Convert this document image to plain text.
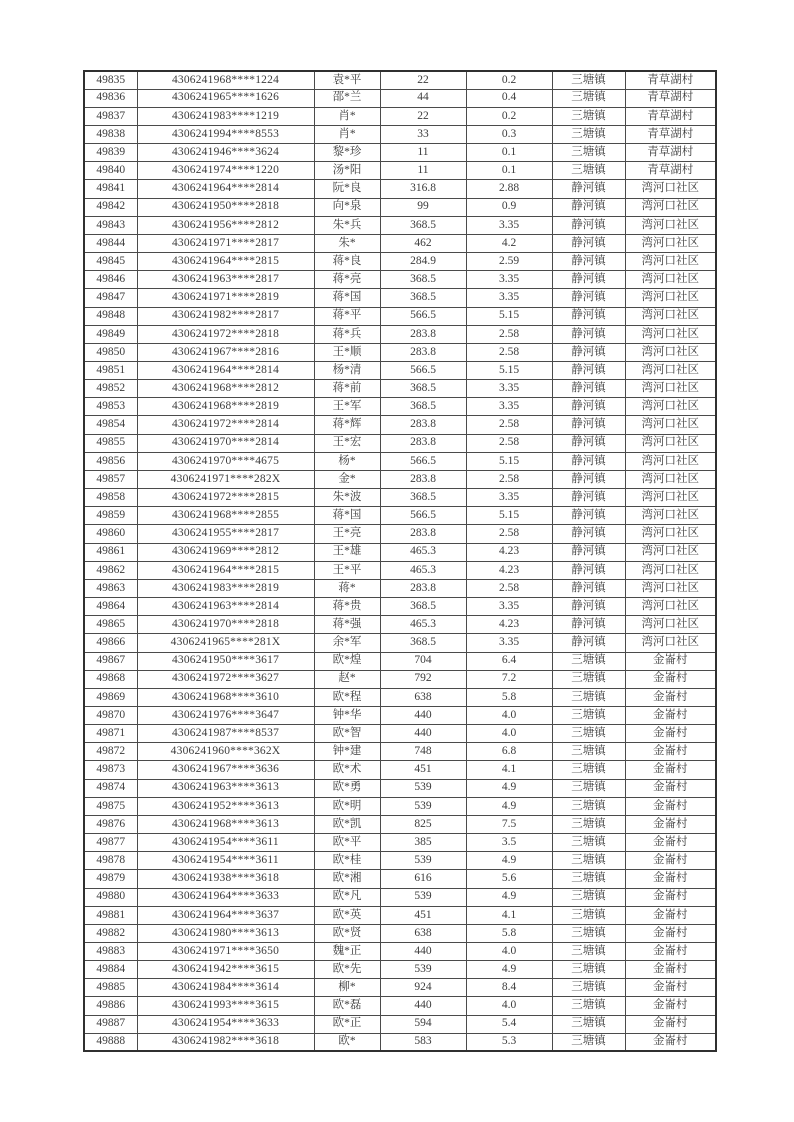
49835	4306241968****1224	袁*平	22	0.2	三塘镇	青草湖村
49836	4306241965****1626	邵*兰	44	0.4	三塘镇	青草湖村
49837	4306241983****1219	肖*	22	0.2	三塘镇	青草湖村
49838	4306241994****8553	肖*	33	0.3	三塘镇	青草湖村
49839	4306241946****3624	黎*珍	11	0.1	三塘镇	青草湖村
49840	4306241974****1220	汤*阳	11	0.1	三塘镇	青草湖村
49841	4306241964****2814	阮*良	316.8	2.88	静河镇	湾河口社区
49842	4306241950****2818	向*泉	99	0.9	静河镇	湾河口社区
49843	4306241956****2812	朱*兵	368.5	3.35	静河镇	湾河口社区
49844	4306241971****2817	朱*	462	4.2	静河镇	湾河口社区
49845	4306241964****2815	蒋*良	284.9	2.59	静河镇	湾河口社区
49846	4306241963****2817	蒋*亮	368.5	3.35	静河镇	湾河口社区
49847	4306241971****2819	蒋*国	368.5	3.35	静河镇	湾河口社区
49848	4306241982****2817	蒋*平	566.5	5.15	静河镇	湾河口社区
49849	4306241972****2818	蒋*兵	283.8	2.58	静河镇	湾河口社区
49850	4306241967****2816	王*顺	283.8	2.58	静河镇	湾河口社区
49851	4306241964****2814	杨*清	566.5	5.15	静河镇	湾河口社区
49852	4306241968****2812	蒋*前	368.5	3.35	静河镇	湾河口社区
49853	4306241968****2819	王*军	368.5	3.35	静河镇	湾河口社区
49854	4306241972****2814	蒋*辉	283.8	2.58	静河镇	湾河口社区
49855	4306241970****2814	王*宏	283.8	2.58	静河镇	湾河口社区
49856	4306241970****4675	杨*	566.5	5.15	静河镇	湾河口社区
49857	4306241971****282X	金*	283.8	2.58	静河镇	湾河口社区
49858	4306241972****2815	朱*波	368.5	3.35	静河镇	湾河口社区
49859	4306241968****2855	蒋*国	566.5	5.15	静河镇	湾河口社区
49860	4306241955****2817	王*亮	283.8	2.58	静河镇	湾河口社区
49861	4306241969****2812	王*雄	465.3	4.23	静河镇	湾河口社区
49862	4306241964****2815	王*平	465.3	4.23	静河镇	湾河口社区
49863	4306241983****2819	蒋*	283.8	2.58	静河镇	湾河口社区
49864	4306241963****2814	蒋*贵	368.5	3.35	静河镇	湾河口社区
49865	4306241970****2818	蒋*强	465.3	4.23	静河镇	湾河口社区
49866	4306241965****281X	余*军	368.5	3.35	静河镇	湾河口社区
49867	4306241950****3617	欧*煌	704	6.4	三塘镇	金崙村
49868	4306241972****3627	赵*	792	7.2	三塘镇	金崙村
49869	4306241968****3610	欧*程	638	5.8	三塘镇	金崙村
49870	4306241976****3647	钟*华	440	4.0	三塘镇	金崙村
49871	4306241987****8537	欧*智	440	4.0	三塘镇	金崙村
49872	4306241960****362X	钟*建	748	6.8	三塘镇	金崙村
49873	4306241967****3636	欧*术	451	4.1	三塘镇	金崙村
49874	4306241963****3613	欧*勇	539	4.9	三塘镇	金崙村
49875	4306241952****3613	欧*明	539	4.9	三塘镇	金崙村
49876	4306241968****3613	欧*凯	825	7.5	三塘镇	金崙村
49877	4306241954****3611	欧*平	385	3.5	三塘镇	金崙村
49878	4306241954****3611	欧*桂	539	4.9	三塘镇	金崙村
49879	4306241938****3618	欧*湘	616	5.6	三塘镇	金崙村
49880	4306241964****3633	欧*凡	539	4.9	三塘镇	金崙村
49881	4306241964****3637	欧*英	451	4.1	三塘镇	金崙村
49882	4306241980****3613	欧*贤	638	5.8	三塘镇	金崙村
49883	4306241971****3650	魏*正	440	4.0	三塘镇	金崙村
49884	4306241942****3615	欧*先	539	4.9	三塘镇	金崙村
49885	4306241984****3614	柳*	924	8.4	三塘镇	金崙村
49886	4306241993****3615	欧*磊	440	4.0	三塘镇	金崙村
49887	4306241954****3633	欧*正	594	5.4	三塘镇	金崙村
49888	4306241982****3618	欧*	583	5.3	三塘镇	金崙村
